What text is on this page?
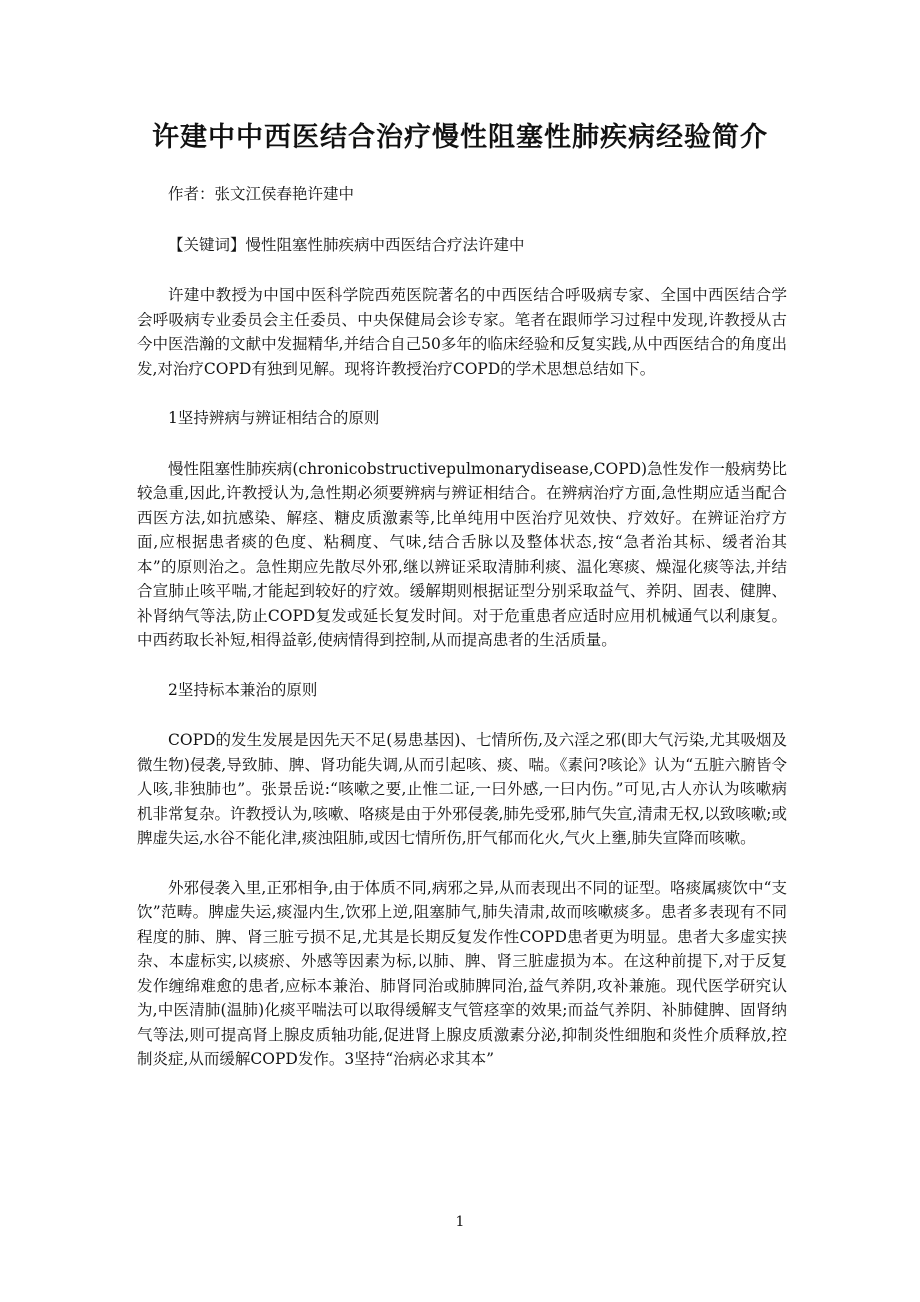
许建中中西医结合治疗慢性阻塞性肺疾病经验简介

作者：张文江侯春艳许建中

【关键词】慢性阻塞性肺疾病中西医结合疗法许建中

许建中教授为中国中医科学院西苑医院著名的中西医结合呼吸病专家、全国中西医结合学会呼吸病专业委员会主任委员、中央保健局会诊专家。笔者在跟师学习过程中发现,许教授从古今中医浩瀚的文献中发掘精华,并结合自己50多年的临床经验和反复实践,从中西医结合的角度出发,对治疗COPD有独到见解。现将许教授治疗COPD的学术思想总结如下。

1坚持辨病与辨证相结合的原则

慢性阻塞性肺疾病(chronicobstructivepulmonarydisease,COPD)急性发作一般病势比较急重,因此,许教授认为,急性期必须要辨病与辨证相结合。在辨病治疗方面,急性期应适当配合西医方法,如抗感染、解痉、糖皮质激素等,比单纯用中医治疗见效快、疗效好。在辨证治疗方面,应根据患者痰的色度、粘稠度、气味,结合舌脉以及整体状态,按“急者治其标、缓者治其本”的原则治之。急性期应先散尽外邪,继以辨证采取清肺利痰、温化寒痰、燥湿化痰等法,并结合宣肺止咳平喘,才能起到较好的疗效。缓解期则根据证型分别采取益气、养阴、固表、健脾、补肾纳气等法,防止COPD复发或延长复发时间。对于危重患者应适时应用机械通气以利康复。中西药取长补短,相得益彰,使病情得到控制,从而提高患者的生活质量。

2坚持标本兼治的原则

COPD的发生发展是因先天不足(易患基因)、七情所伤,及六淫之邪(即大气污染,尤其吸烟及微生物)侵袭,导致肺、脾、肾功能失调,从而引起咳、痰、喘。《素问?咳论》认为“五脏六腑皆令人咳,非独肺也”。张景岳说:“咳嗽之要,止惟二证,一曰外感,一曰内伤。”可见,古人亦认为咳嗽病机非常复杂。许教授认为,咳嗽、咯痰是由于外邪侵袭,肺先受邪,肺气失宣,清肃无权,以致咳嗽;或脾虚失运,水谷不能化津,痰浊阻肺,或因七情所伤,肝气郁而化火,气火上壅,肺失宣降而咳嗽。

外邪侵袭入里,正邪相争,由于体质不同,病邪之异,从而表现出不同的证型。咯痰属痰饮中“支饮”范畴。脾虚失运,痰湿内生,饮邪上逆,阻塞肺气,肺失清肃,故而咳嗽痰多。患者多表现有不同程度的肺、脾、肾三脏亏损不足,尤其是长期反复发作性COPD患者更为明显。患者大多虚实挟杂、本虚标实,以痰瘀、外感等因素为标,以肺、脾、肾三脏虚损为本。在这种前提下,对于反复发作缠绵难愈的患者,应标本兼治、肺肾同治或肺脾同治,益气养阴,攻补兼施。现代医学研究认为,中医清肺(温肺)化痰平喘法可以取得缓解支气管痉挛的效果;而益气养阴、补肺健脾、固肾纳气等法,则可提高肾上腺皮质轴功能,促进肾上腺皮质激素分泌,抑制炎性细胞和炎性介质释放,控制炎症,从而缓解COPD发作。3坚持“治病必求其本”

1
